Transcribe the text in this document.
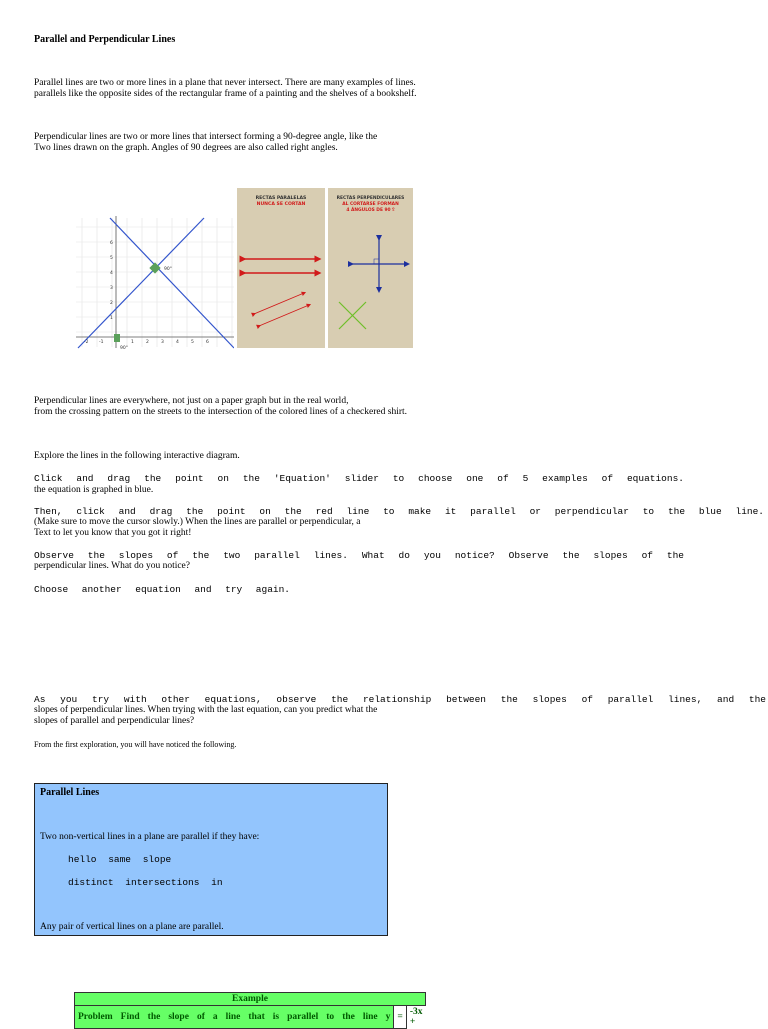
Parallel and Perpendicular Lines
Parallel lines are two or more lines in a plane that never intersect. There are many examples of lines.
parallels like the opposite sides of the rectangular frame of a painting and the shelves of a bookshelf.
Perpendicular lines are two or more lines that intersect forming a 90-degree angle, like the
Two lines drawn on the graph. Angles of 90 degrees are also called right angles.
90°
90°
-2 -1	1	2	3	4	5	6
1
2
3
4
5
6
RECTAS PARALELAS
NUNCA SE CORTAN
RECTAS PERPENDICULARES
AL CORTARSE FORMAN
4 ÁNGULOS DE 90 º
Perpendicular lines are everywhere, not just on a paper graph but in the real world,
from the crossing pattern on the streets to the intersection of the colored lines of a checkered shirt.
Explore the lines in the following interactive diagram.
Click and drag the point on the 'Equation' slider to choose one of 5 examples of equations.
the equation is graphed in blue.
Then, click and drag the point on the red line to make it parallel or perpendicular to the blue line.
(Make sure to move the cursor slowly.) When the lines are parallel or perpendicular, a
Text to let you know that you got it right!
Observe the slopes of the two parallel lines. What do you notice? Observe the slopes of the
perpendicular lines. What do you notice?
Choose another equation and try again.
As you try with other equations, observe the relationship between the slopes of parallel lines, and the
slopes of perpendicular lines. When trying with the last equation, can you predict what the
slopes of parallel and perpendicular lines?
From the first exploration, you will have noticed the following.
Parallel Lines
Two non-vertical lines in a plane are parallel if they have:
hello same slope
distinct intersections in
Any pair of vertical lines on a plane are parallel.
Example

Problem Find the slope of a line that is parallel to the line y	=	-3x +
